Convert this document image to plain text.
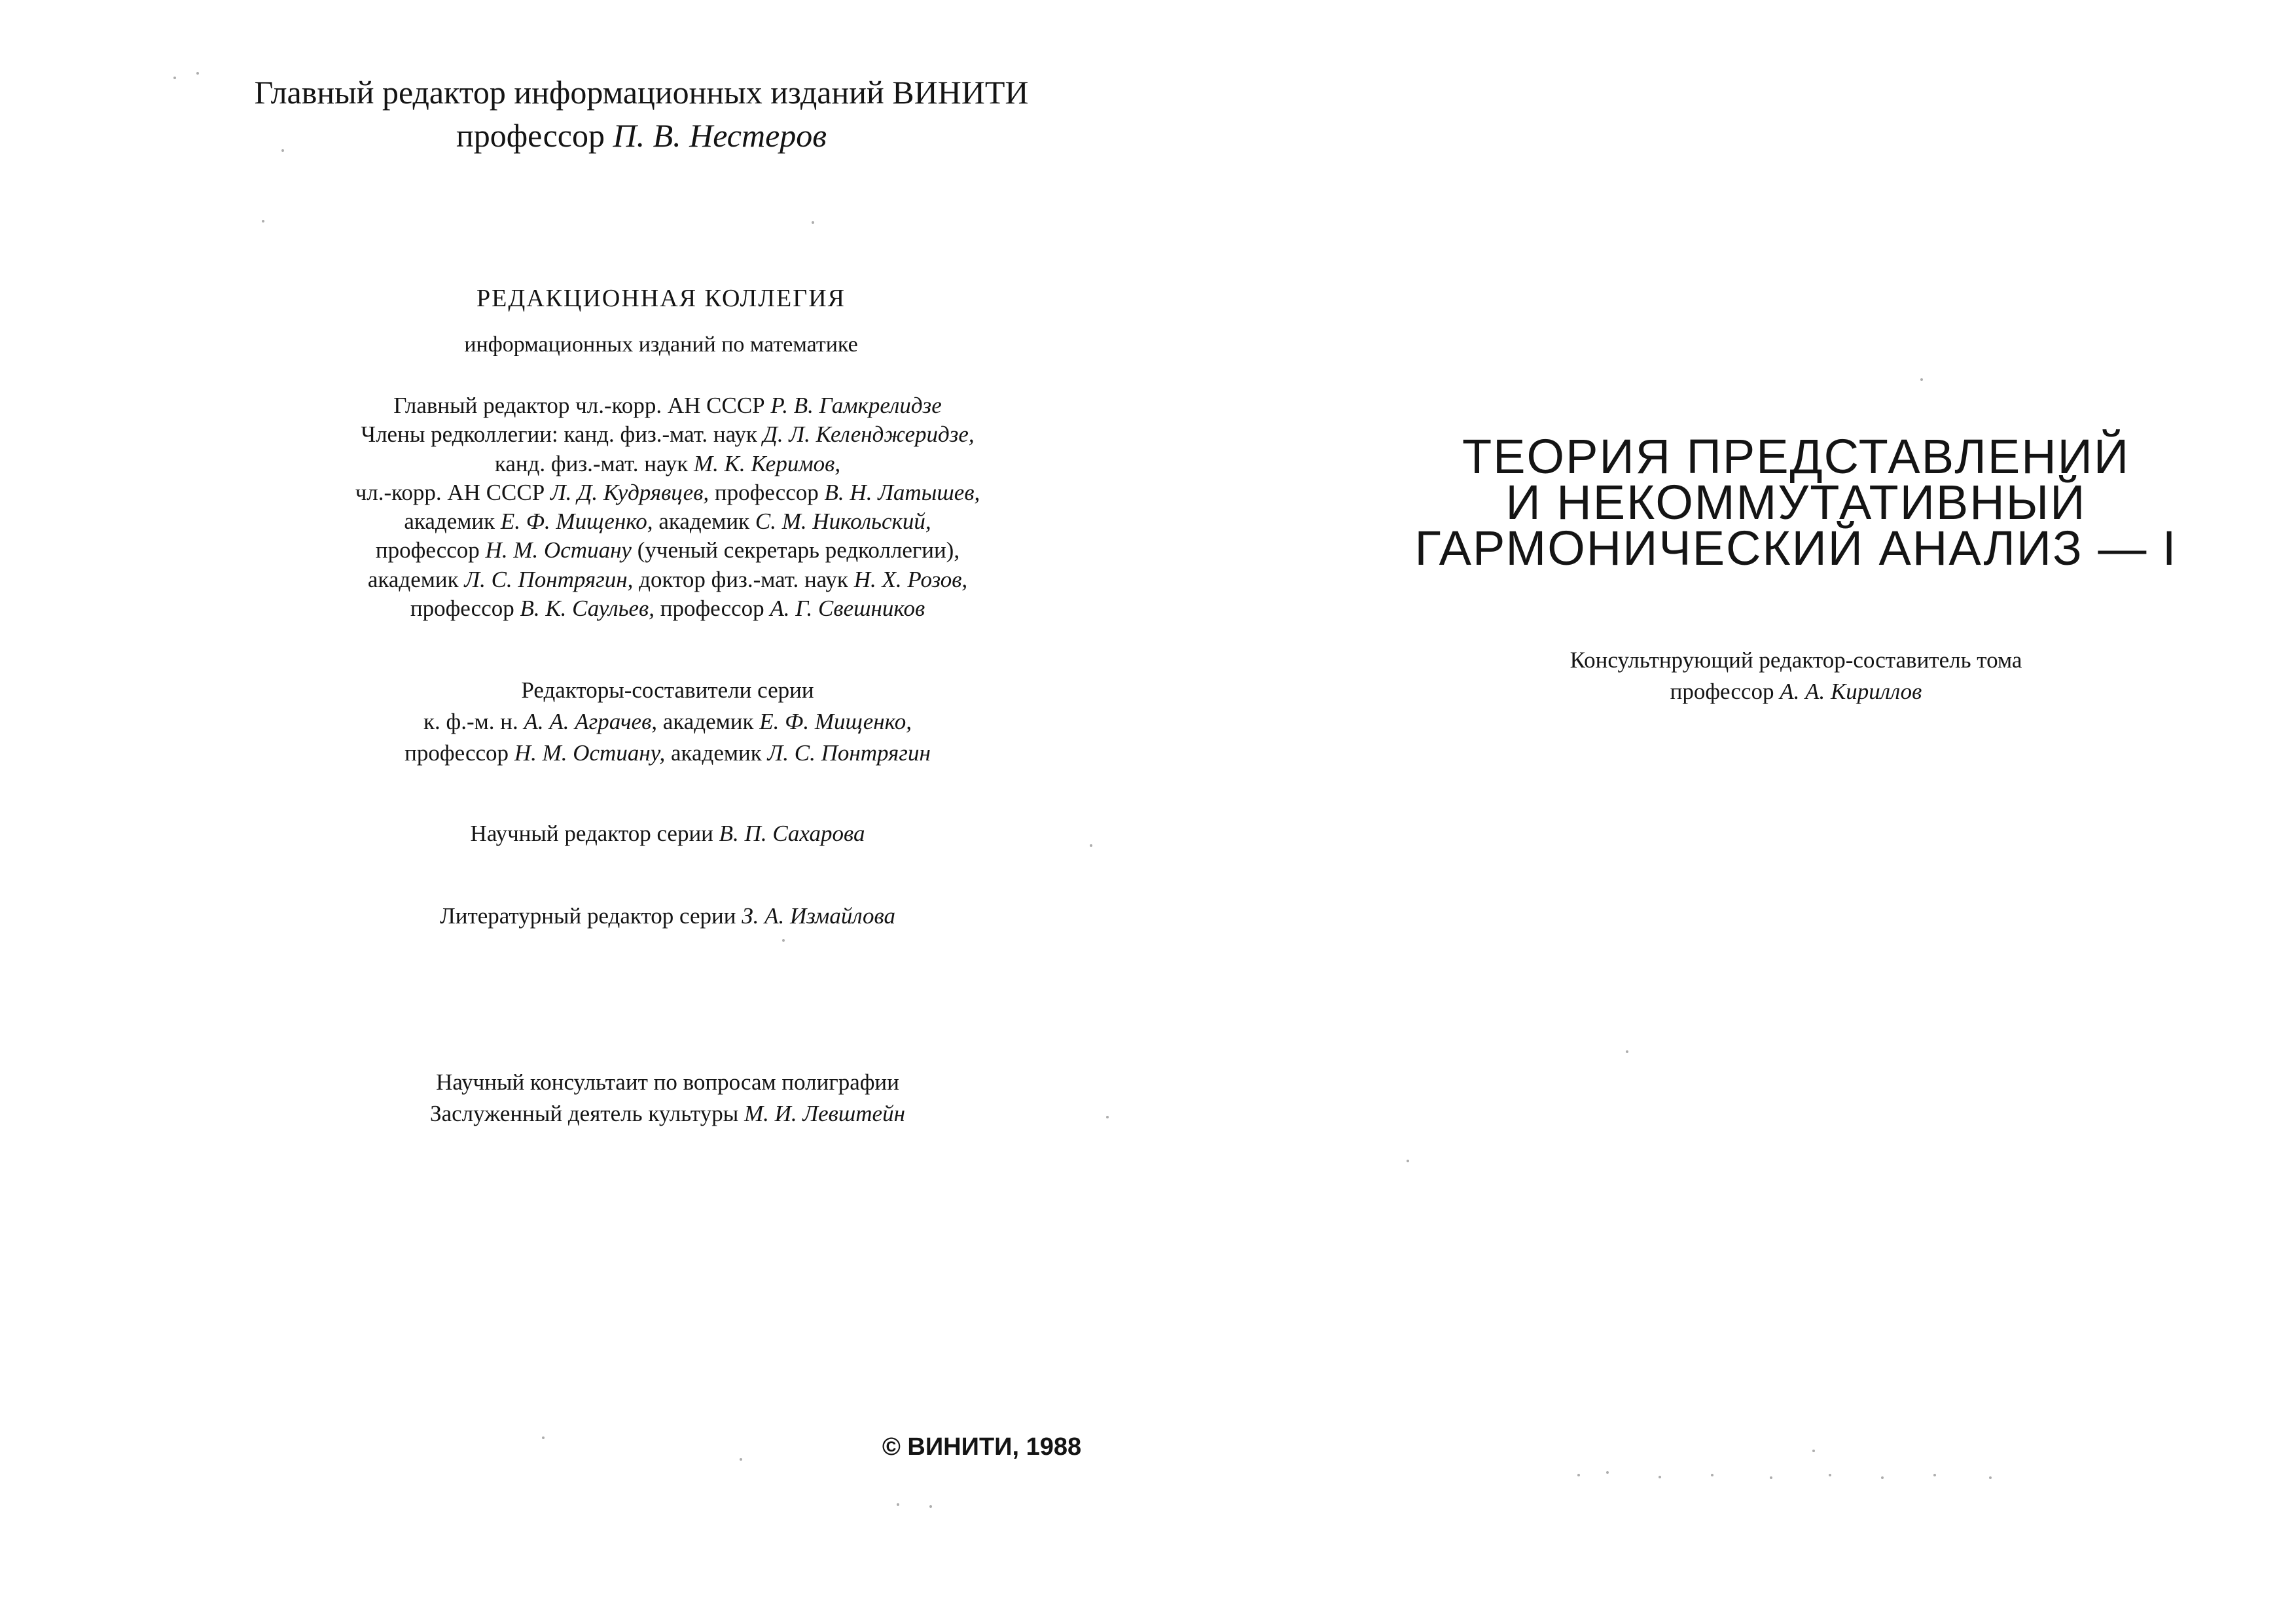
Главный редактор информационных изданий ВИНИТИ
профессор П. В. Нестеров
РЕДАКЦИОННАЯ КОЛЛЕГИЯ
информационных изданий по математике
Главный редактор чл.-корр. АН СССР Р. В. Гамкрелидзе
Члены редколлегии: канд. физ.-мат. наук Д. Л. Келенджеридзе,
канд. физ.-мат. наук М. К. Керимов,
чл.-корр. АН СССР Л. Д. Кудрявцев, профессор В. Н. Латышев,
академик Е. Ф. Мищенко, академик С. М. Никольский,
профессор Н. М. Остиану (ученый секретарь редколлегии),
академик Л. С. Понтрягин, доктор физ.-мат. наук Н. Х. Розов,
профессор В. К. Саульев, профессор А. Г. Свешников
Редакторы-составители серии
к. ф.-м. н. А. А. Аграчев, академик Е. Ф. Мищенко,
профессор Н. М. Остиану, академик Л. С. Понтрягин
Научный редактор серии В. П. Сахарова
Литературный редактор серии З. А. Измайлова
Научный консультаит по вопросам полиграфии
Заслуженный деятель культуры М. И. Левштейн
© ВИНИТИ, 1988
ТЕОРИЯ ПРЕДСТАВЛЕНИЙ
И НЕКОММУТАТИВНЫЙ
ГАРМОНИЧЕСКИЙ АНАЛИЗ — I
Консультнрующий редактор-составитель тома
профессор А. А. Кириллов
